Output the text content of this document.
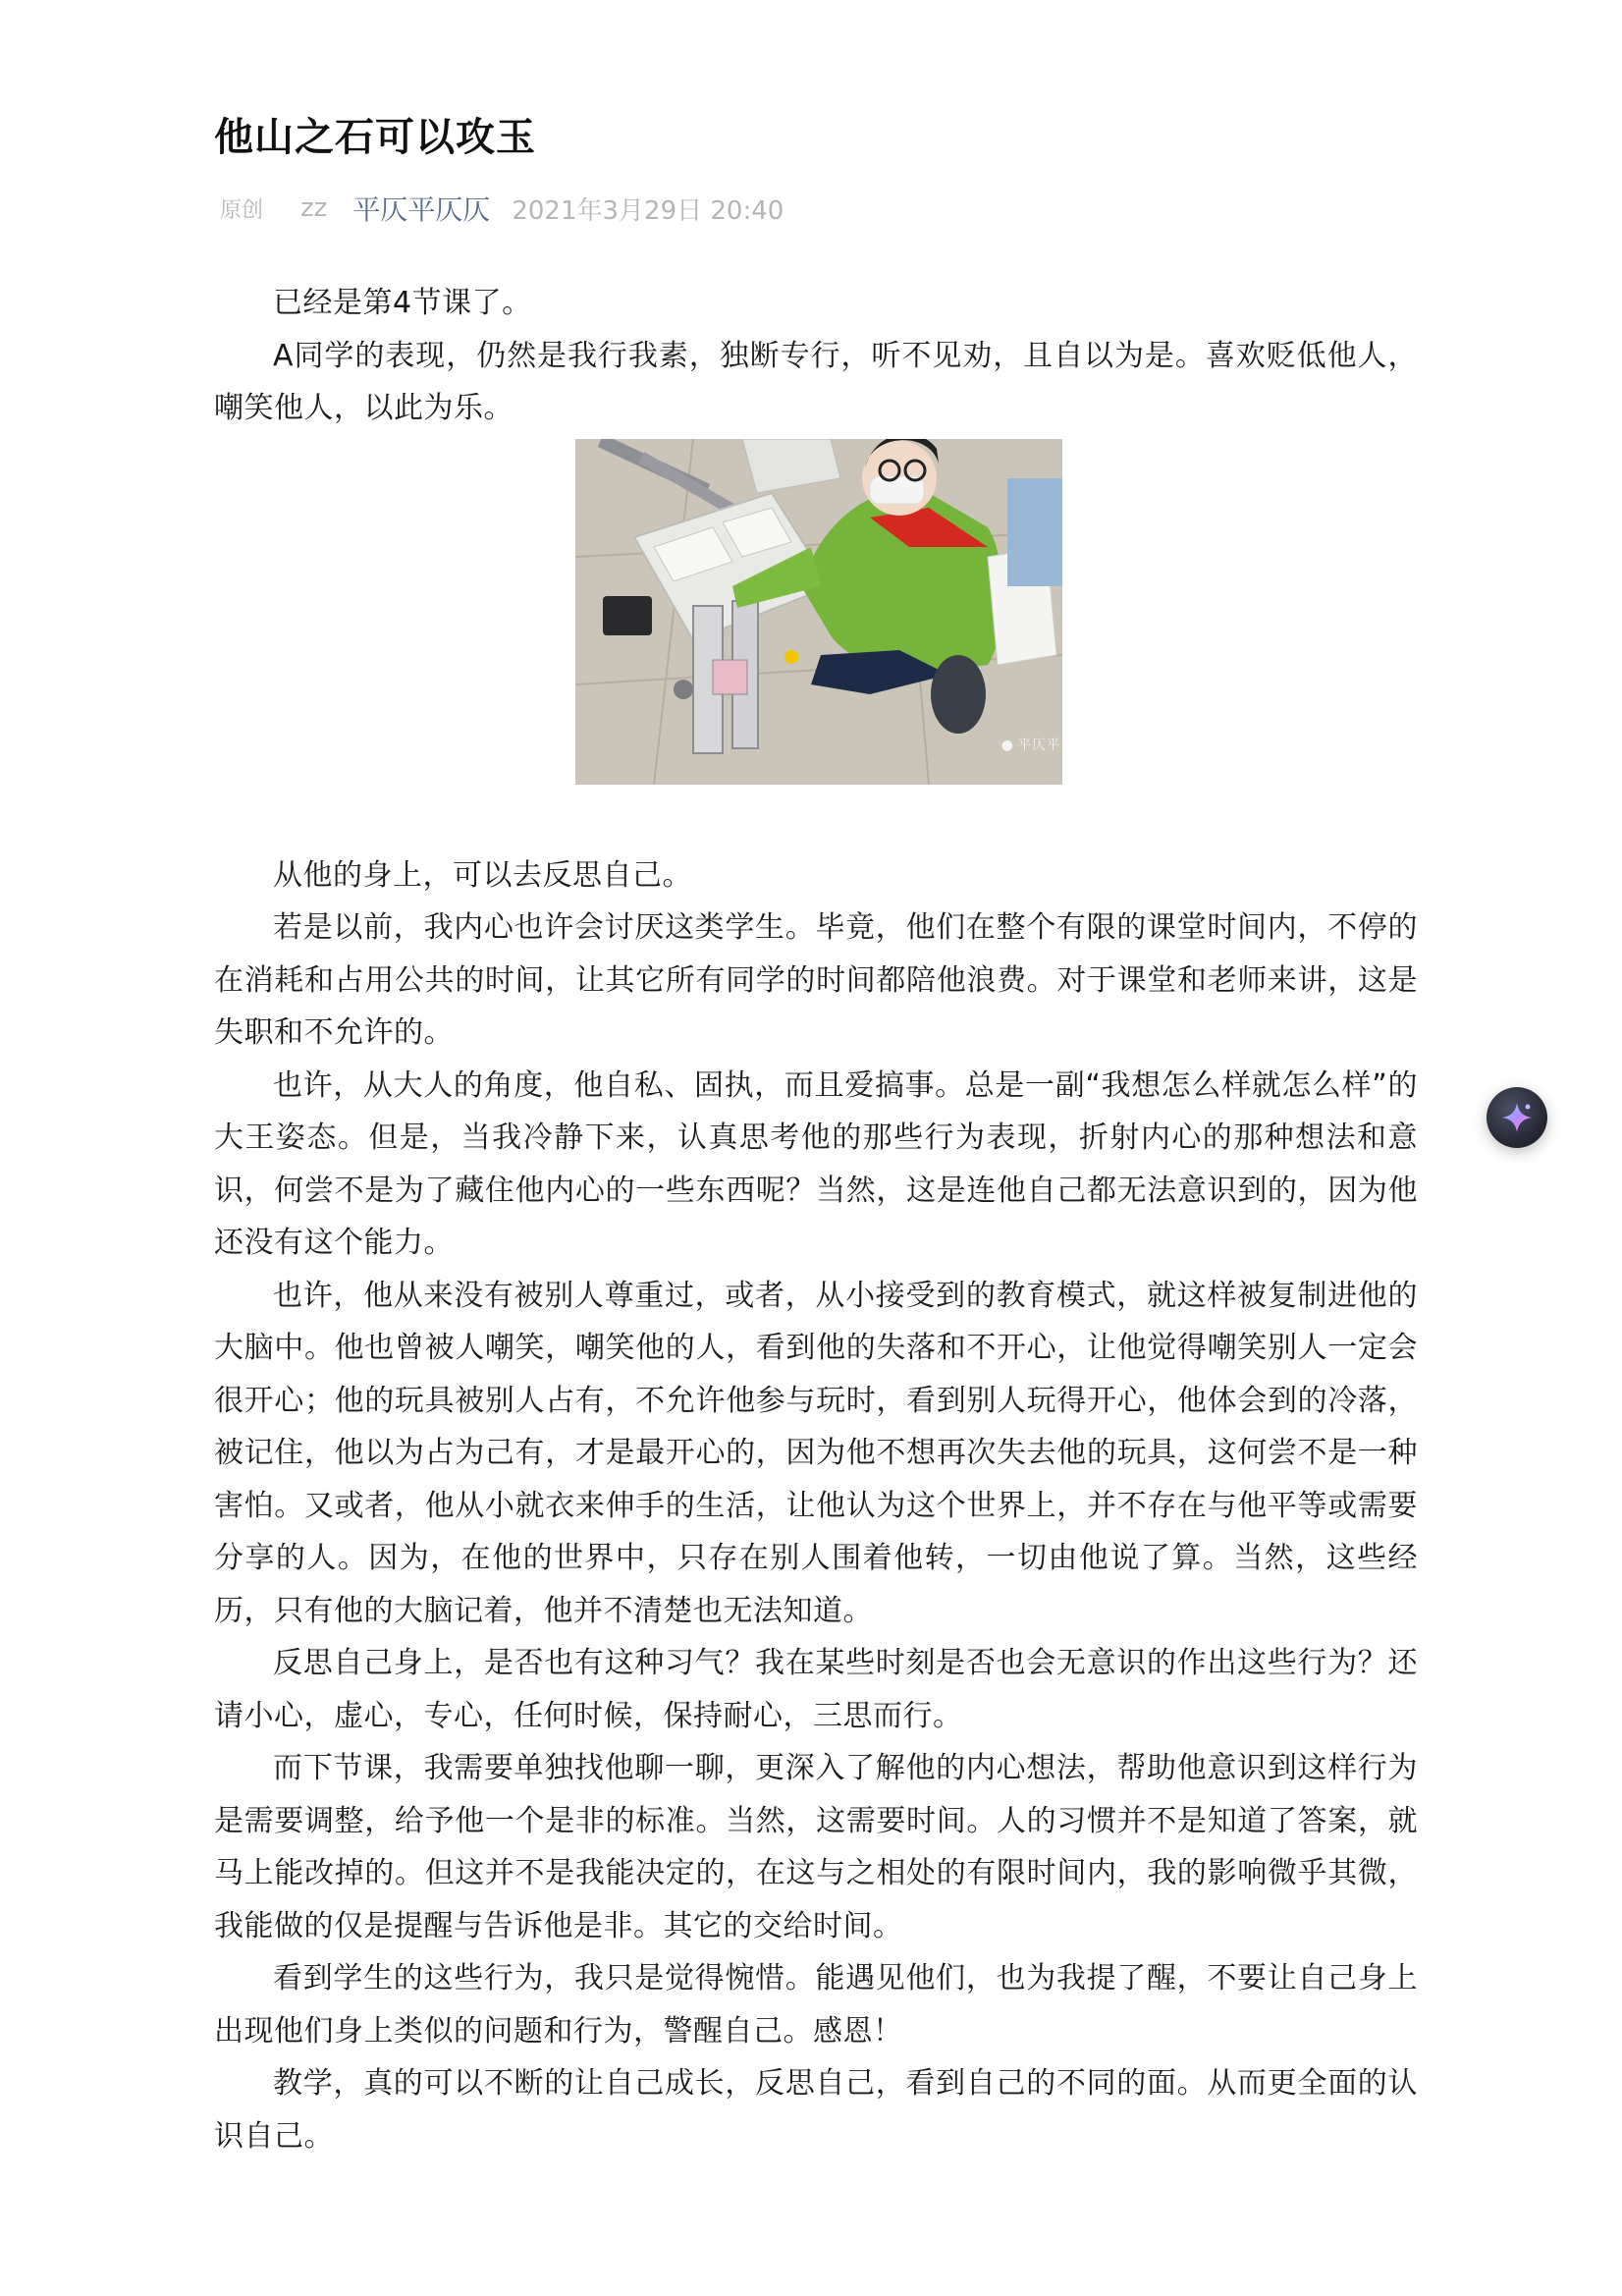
他山之石可以攻玉
原创 zz 平仄平仄仄 2021年3月29日 20:40

已经是第4节课了。

A同学的表现，仍然是我行我素，独断专行，听不见劝，且自以为是。喜欢贬低他人，嘲笑他人，以此为乐。

● 平仄平

从他的身上，可以去反思自己。

若是以前，我内心也许会讨厌这类学生。毕竟，他们在整个有限的课堂时间内，不停的在消耗和占用公共的时间，让其它所有同学的时间都陪他浪费。对于课堂和老师来讲，这是失职和不允许的。

也许，从大人的角度，他自私、固执，而且爱搞事。总是一副“我想怎么样就怎么样”的大王姿态。但是，当我冷静下来，认真思考他的那些行为表现，折射内心的那种想法和意识，何尝不是为了藏住他内心的一些东西呢？当然，这是连他自己都无法意识到的，因为他还没有这个能力。

也许，他从来没有被别人尊重过，或者，从小接受到的教育模式，就这样被复制进他的大脑中。他也曾被人嘲笑，嘲笑他的人，看到他的失落和不开心，让他觉得嘲笑别人一定会很开心；他的玩具被别人占有，不允许他参与玩时，看到别人玩得开心，他体会到的冷落，被记住，他以为占为己有，才是最开心的，因为他不想再次失去他的玩具，这何尝不是一种害怕。又或者，他从小就衣来伸手的生活，让他认为这个世界上，并不存在与他平等或需要分享的人。因为，在他的世界中，只存在别人围着他转，一切由他说了算。当然，这些经历，只有他的大脑记着，他并不清楚也无法知道。

反思自己身上，是否也有这种习气？我在某些时刻是否也会无意识的作出这些行为？还请小心，虚心，专心，任何时候，保持耐心，三思而行。

而下节课，我需要单独找他聊一聊，更深入了解他的内心想法，帮助他意识到这样行为是需要调整，给予他一个是非的标准。当然，这需要时间。人的习惯并不是知道了答案，就马上能改掉的。但这并不是我能决定的，在这与之相处的有限时间内，我的影响微乎其微，我能做的仅是提醒与告诉他是非。其它的交给时间。

看到学生的这些行为，我只是觉得惋惜。能遇见他们，也为我提了醒，不要让自己身上出现他们身上类似的问题和行为，警醒自己。感恩！

教学，真的可以不断的让自己成长，反思自己，看到自己的不同的面。从而更全面的认识自己。
